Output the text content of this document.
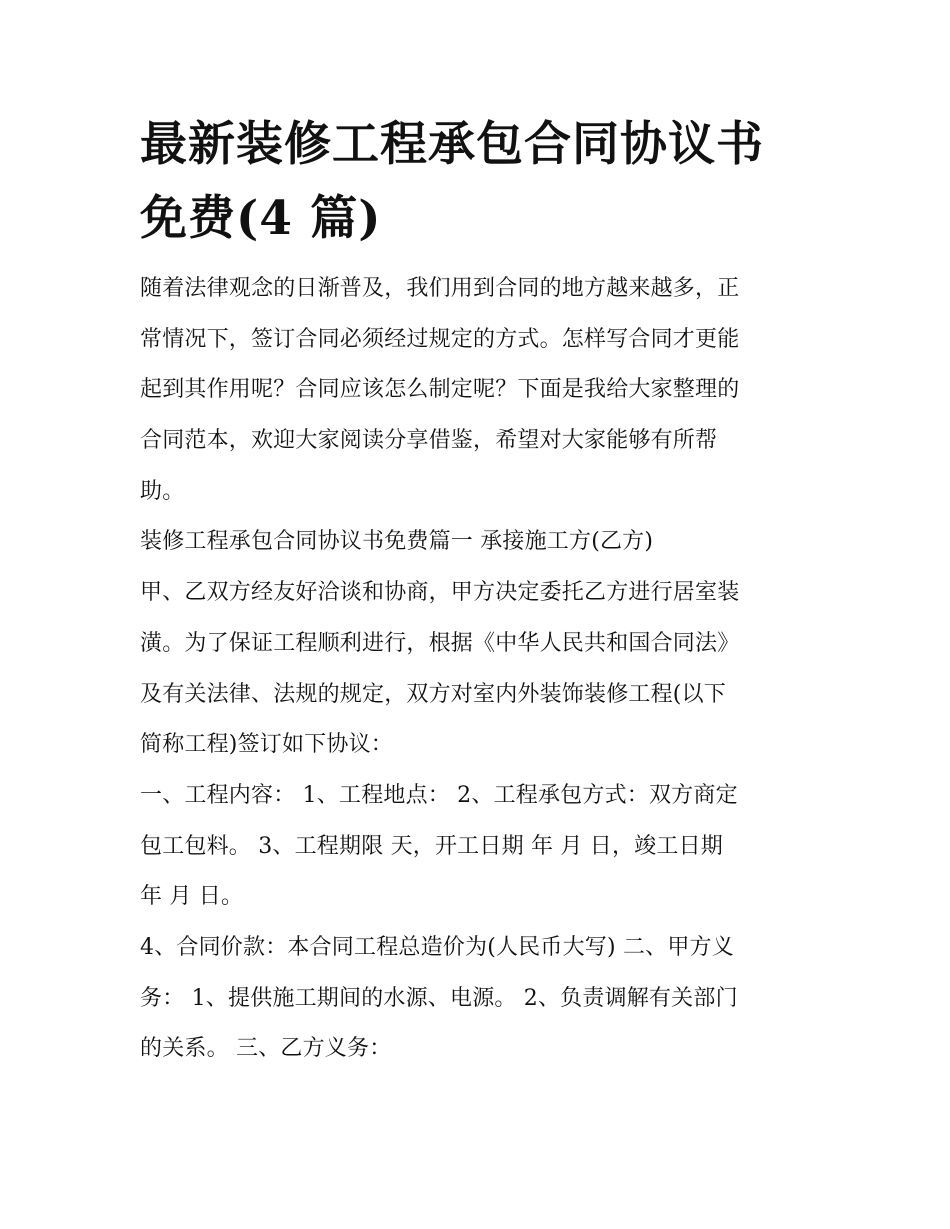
最新装修工程承包合同协议书
免费(4 篇)
随着法律观念的日渐普及，我们用到合同的地方越来越多，正
常情况下，签订合同必须经过规定的方式。怎样写合同才更能
起到其作用呢？合同应该怎么制定呢？下面是我给大家整理的
合同范本，欢迎大家阅读分享借鉴，希望对大家能够有所帮
助。
装修工程承包合同协议书免费篇一 承接施工方(乙方)
甲、乙双方经友好洽谈和协商，甲方决定委托乙方进行居室装
潢。为了保证工程顺利进行，根据《中华人民共和国合同法》
及有关法律、法规的规定，双方对室内外装饰装修工程(以下
简称工程)签订如下协议：
一、工程内容： 1、工程地点： 2、工程承包方式：双方商定
包工包料。 3、工程期限 天，开工日期 年 月 日，竣工日期
年 月 日。
4、合同价款：本合同工程总造价为(人民币大写) 二、甲方义
务： 1、提供施工期间的水源、电源。 2、负责调解有关部门
的关系。 三、乙方义务：
